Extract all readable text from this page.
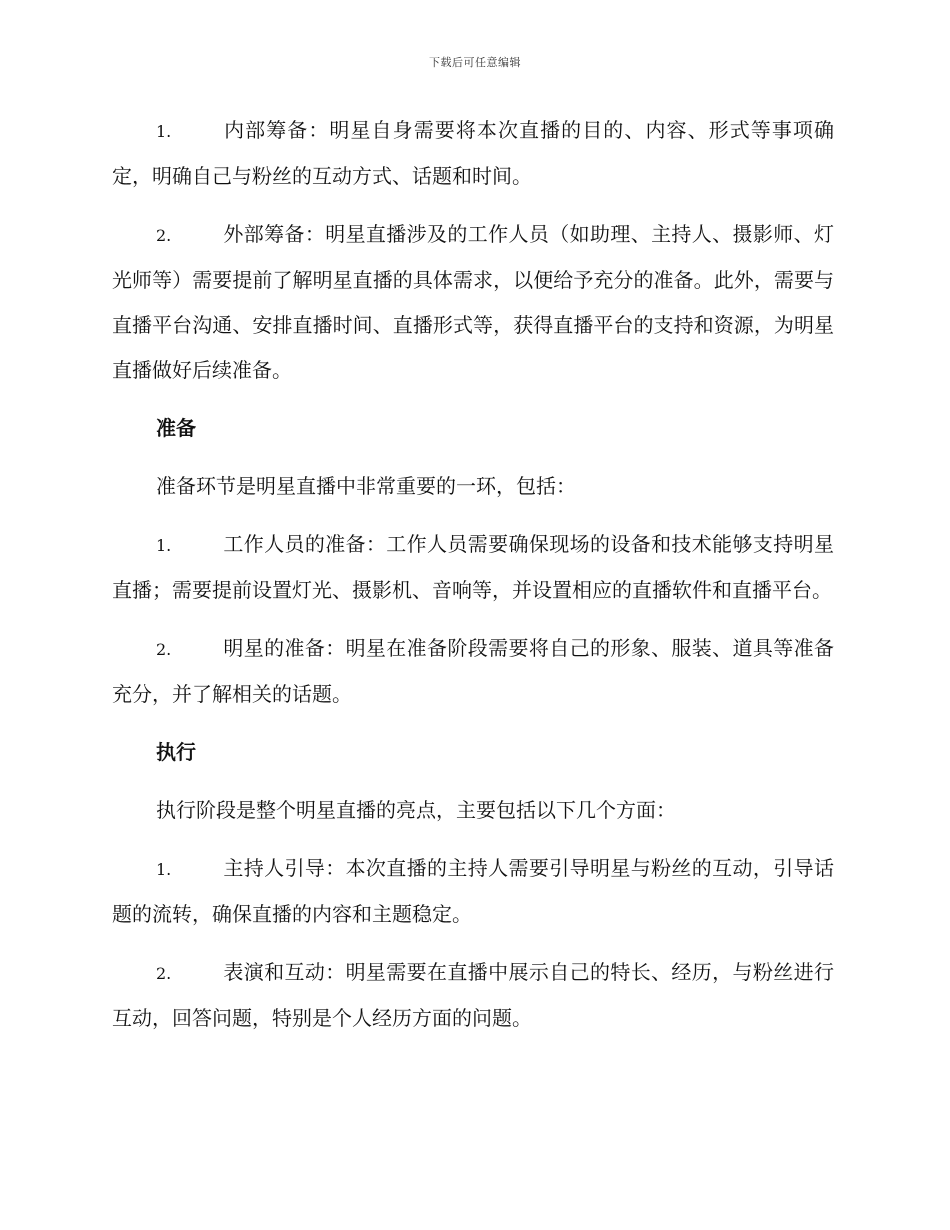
下载后可任意编辑

1.	内部筹备：明星自身需要将本次直播的目的、内容、形式等事项确定，明确自己与粉丝的互动方式、话题和时间。

2.	外部筹备：明星直播涉及的工作人员（如助理、主持人、摄影师、灯光师等）需要提前了解明星直播的具体需求，以便给予充分的准备。此外，需要与直播平台沟通、安排直播时间、直播形式等，获得直播平台的支持和资源，为明星直播做好后续准备。

准备

准备环节是明星直播中非常重要的一环，包括：

1.	工作人员的准备：工作人员需要确保现场的设备和技术能够支持明星直播；需要提前设置灯光、摄影机、音响等，并设置相应的直播软件和直播平台。

2.	明星的准备：明星在准备阶段需要将自己的形象、服装、道具等准备充分，并了解相关的话题。

执行

执行阶段是整个明星直播的亮点，主要包括以下几个方面：

1.	主持人引导：本次直播的主持人需要引导明星与粉丝的互动，引导话题的流转，确保直播的内容和主题稳定。

2.	表演和互动：明星需要在直播中展示自己的特长、经历，与粉丝进行互动，回答问题，特别是个人经历方面的问题。
